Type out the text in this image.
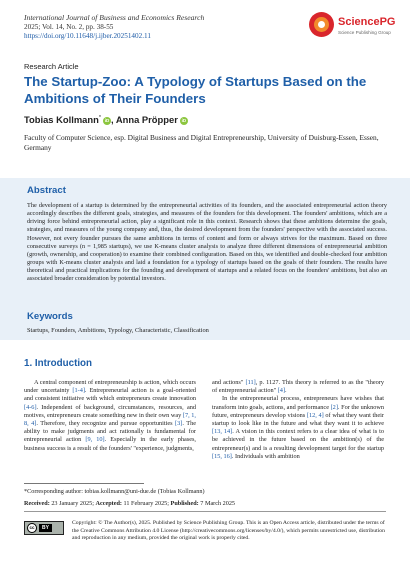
International Journal of Business and Economics Research
2025; Vol. 14, No. 2, pp. 38-55
https://doi.org/10.11648/j.ijber.20251402.11
SciencePG
Science Publishing Group
Research Article
The Startup-Zoo: A Typology of Startups Based on the Ambitions of Their Founders
Tobias Kollmann* iD , Anna Pröpper iD
Faculty of Computer Science, esp. Digital Business and Digital Entrepreneurship, University of Duisburg-Essen, Essen, Germany
Abstract
The development of a startup is determined by the entrepreneurial activities of its founders, and the associated entrepreneurial action theory accordingly describes the different goals, strategies, and measures of the founders for this development. The founders' ambitions, which are a driving force behind entrepreneurial action, play a significant role in this context. Research shows that these ambitions determine the goals, strategies, and measures of the young company and, thus, the desired development from the founders' perspective with the associated success. However, not every founder pursues the same ambitions in terms of content and form or always strives for the maximum. Based on three consecutive surveys (n = 1,985 startups), we use K-means cluster analysis to analyze three different dimensions of entrepreneurial ambition (growth, ownership, and cooperation) to examine their combined configuration. Based on this, we identified and double-checked four ambition groups with K-means cluster analysis and laid a foundation for a typology of startups based on the goals of their founders. The results have theoretical and practical implications for the founding and development of startups and a related focus on the founders' ambitions, but also an associated broader consideration by potential investors.
Keywords
Startups, Founders, Ambitions, Typology, Characteristic, Classification
1. Introduction

A central component of entrepreneurship is action, which occurs under uncertainty [1-4]. Entrepreneurial action is a goal-oriented and consistent initiative with which entrepreneurs create innovation [4-6]. Independent of background, circumstances, resources, and motives, entrepreneurs create something new in their own way [7, 1, 8, 4]. Therefore, they recognize and pursue opportunities [3]. The ability to make judgments and act rationally is fundamental for entrepreneurial action [9, 10]. Especially in the early phases, business success is a result of the founders' "experience, judgments,

and actions" [11], p. 1127. This theory is referred to as the "theory of entrepreneurial action" [4].

In the entrepreneurial process, entrepreneurs have wishes that transform into goals, actions, and performance [2]. For the unknown future, entrepreneurs develop visions [12, 4] of what they want their startup to look like in the future and what they want it to achieve [13, 14]. A vision in this context refers to a clear idea of what is to be achieved in the future based on the ambition(s) of the entrepreneur(s) and is a resulting development target for the startup [15, 16]. Individuals with ambition

*Corresponding author: tobias.kollmann@uni-due.de (Tobias Kollmann)
Received: 23 January 2025; Accepted: 11 February 2025; Published: 7 March 2025
cc	BY
Copyright: © The Author(s), 2025. Published by Science Publishing Group. This is an Open Access article, distributed under the terms of the Creative Commons Attribution 4.0 License (http://creativecommons.org/licenses/by/4.0/), which permits unrestricted use, distribution and reproduction in any medium, provided the original work is properly cited.
